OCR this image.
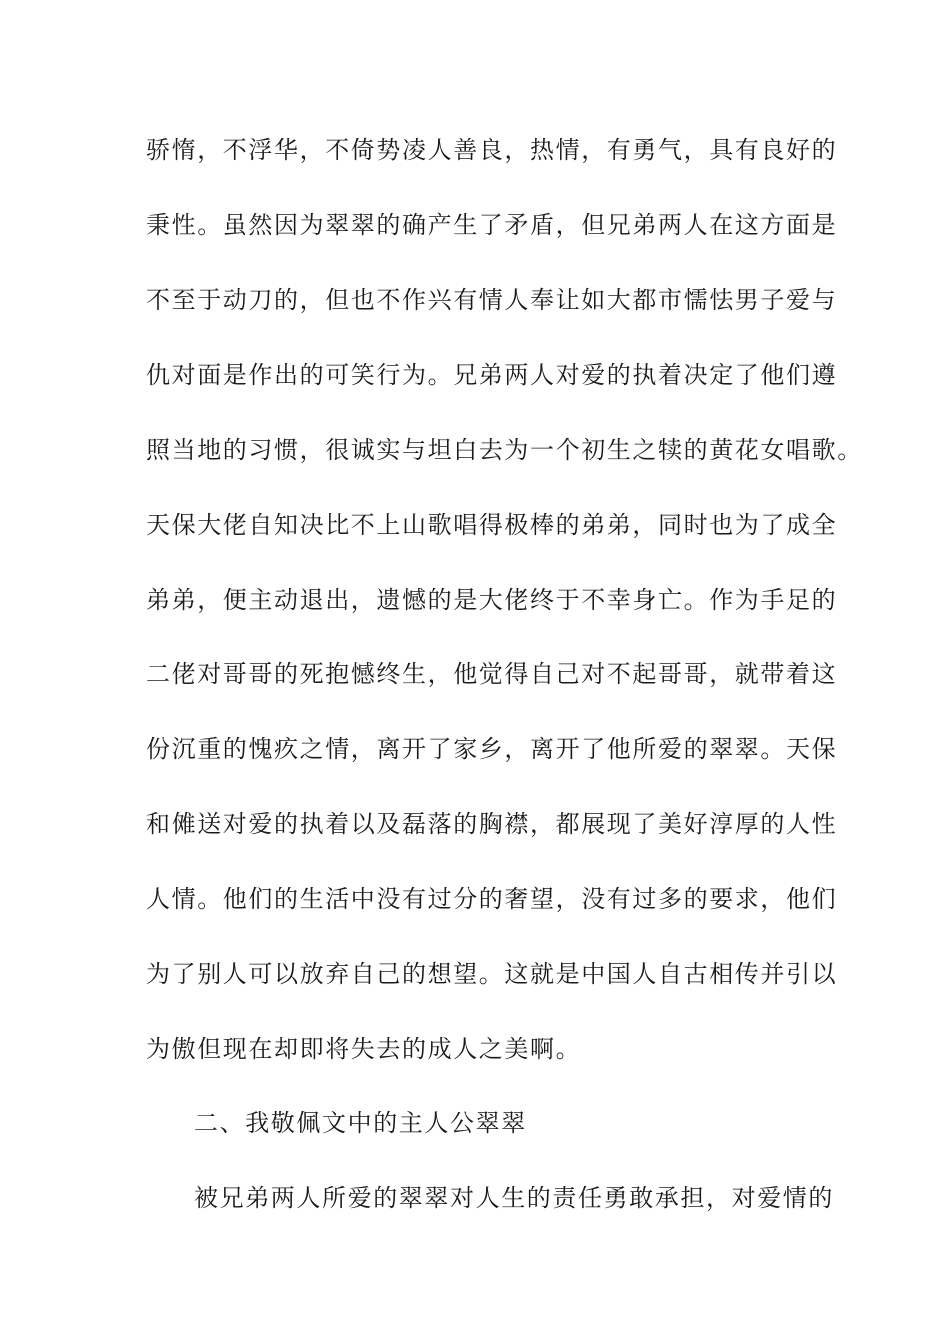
骄惰，不浮华，不倚势凌人善良，热情，有勇气，具有良好的
秉性。虽然因为翠翠的确产生了矛盾，但兄弟两人在这方面是
不至于动刀的，但也不作兴有情人奉让如大都市懦怯男子爱与
仇对面是作出的可笑行为。兄弟两人对爱的执着决定了他们遵
照当地的习惯，很诚实与坦白去为一个初生之犊的黄花女唱歌。
天保大佬自知决比不上山歌唱得极棒的弟弟，同时也为了成全
弟弟，便主动退出，遗憾的是大佬终于不幸身亡。作为手足的
二佬对哥哥的死抱憾终生，他觉得自己对不起哥哥，就带着这
份沉重的愧疚之情，离开了家乡，离开了他所爱的翠翠。天保
和傩送对爱的执着以及磊落的胸襟，都展现了美好淳厚的人性
人情。他们的生活中没有过分的奢望，没有过多的要求，他们
为了别人可以放弃自己的想望。这就是中国人自古相传并引以
为傲但现在却即将失去的成人之美啊。
二、我敬佩文中的主人公翠翠
被兄弟两人所爱的翠翠对人生的责任勇敢承担，对爱情的
